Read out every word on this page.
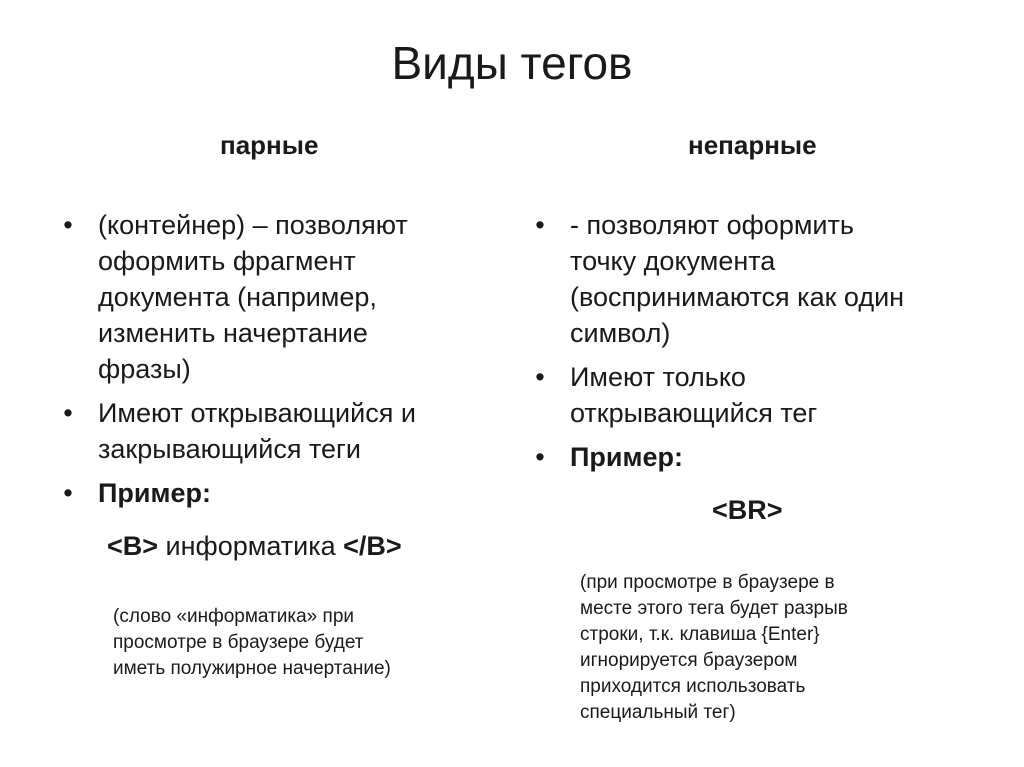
Виды тегов
парные	непарные
• (контейнер) – позволяют
оформить фрагмент
документа (например,
изменить начертание
фразы)
• Имеют открывающийся и
закрывающийся теги
• Пример:
<B> информатика </B>

(слово «информатика» при
просмотре в браузере будет
иметь полужирное начертание)

• - позволяют оформить
точку документа
(воспринимаются как один
символ)
• Имеют только
открывающийся тег
• Пример:
<BR>

(при просмотре в браузере в
месте этого тега будет разрыв
строки, т.к. клавиша {Enter}
игнорируется браузером
приходится использовать
специальный тег)
